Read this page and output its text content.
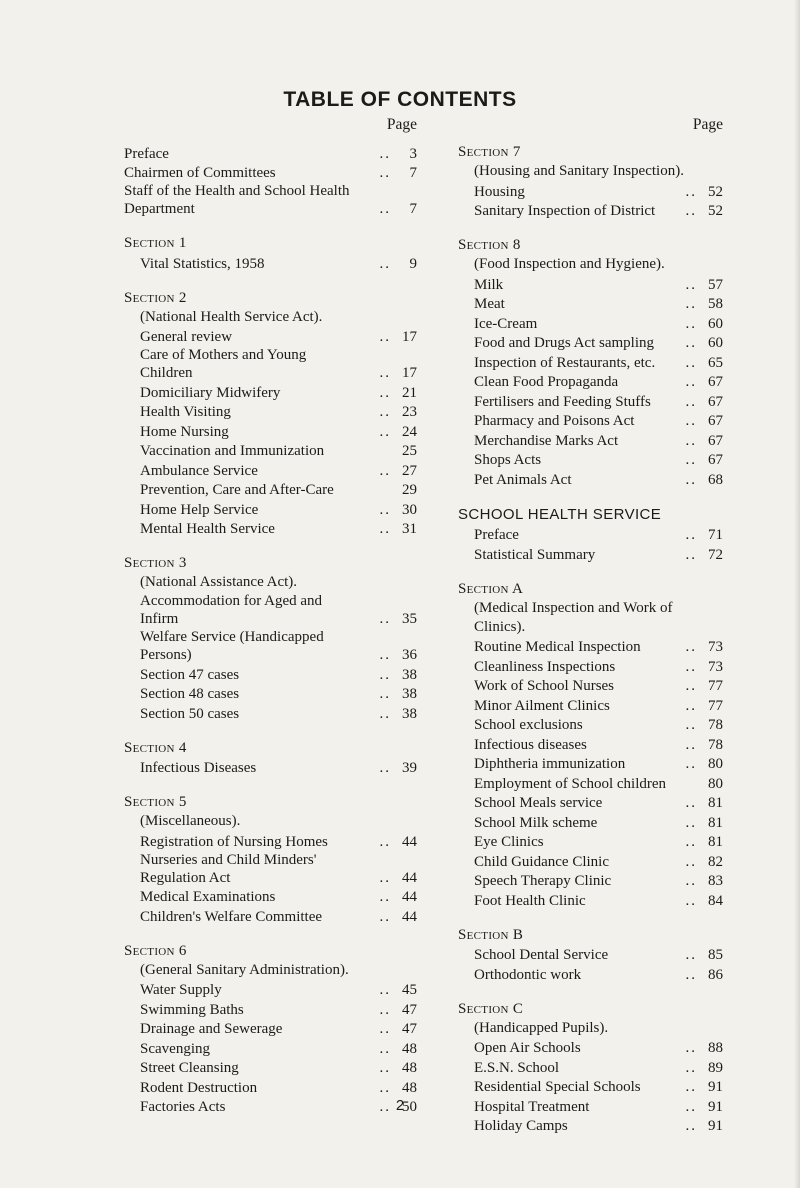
TABLE OF CONTENTS
Page
Preface	..	3
Chairmen of Committees	..	7
Staff of the Health and School Health
Department	..	7
Section 1
Vital Statistics, 1958	..	9
Section 2
(National Health Service Act).
General review	.. 17
Care of Mothers and Young
Children	.. 17
Domiciliary Midwifery	.. 21
Health Visiting	.. 23
Home Nursing	.. 24
Vaccination and Immunization	25
Ambulance Service	.. 27
Prevention, Care and After-Care	29
Home Help Service	.. 30
Mental Health Service	.. 31
Section 3
(National Assistance Act).
Accommodation for Aged and
Infirm	.. 35
Welfare Service (Handicapped
Persons)	.. 36
Section 47 cases	.. 38
Section 48 cases	.. 38
Section 50 cases	.. 38
Section 4
Infectious Diseases	.. 39
Section 5
(Miscellaneous).
Registration of Nursing Homes	.. 44
Nurseries and Child Minders'
Regulation Act	.. 44
Medical Examinations	.. 44
Children's Welfare Committee	.. 44
Section 6
(General Sanitary Administration).
Water Supply	.. 45
Swimming Baths	.. 47
Drainage and Sewerage	.. 47
Scavenging	.. 48
Street Cleansing	.. 48
Rodent Destruction	.. 48
Factories Acts	.. 50
Page
Section 7
(Housing and Sanitary Inspection).
Housing	.. 52
Sanitary Inspection of District	.. 52
Section 8
(Food Inspection and Hygiene).
Milk	.. 57
Meat	.. 58
Ice-Cream	.. 60
Food and Drugs Act sampling	.. 60
Inspection of Restaurants, etc.	.. 65
Clean Food Propaganda	.. 67
Fertilisers and Feeding Stuffs	.. 67
Pharmacy and Poisons Act	.. 67
Merchandise Marks Act	.. 67
Shops Acts	.. 67
Pet Animals Act	.. 68
SCHOOL HEALTH SERVICE
Preface	.. 71
Statistical Summary	.. 72
Section A
(Medical Inspection and Work of Clinics).
Routine Medical Inspection	.. 73
Cleanliness Inspections	.. 73
Work of School Nurses	.. 77
Minor Ailment Clinics	.. 77
School exclusions	.. 78
Infectious diseases	.. 78
Diphtheria immunization	.. 80
Employment of School children	80
School Meals service	.. 81
School Milk scheme	.. 81
Eye Clinics	.. 81
Child Guidance Clinic	.. 82
Speech Therapy Clinic	.. 83
Foot Health Clinic	.. 84
Section B
School Dental Service	.. 85
Orthodontic work	.. 86
Section C
(Handicapped Pupils).
Open Air Schools	.. 88
E.S.N. School	.. 89
Residential Special Schools	.. 91
Hospital Treatment	.. 91
Holiday Camps	.. 91
2
